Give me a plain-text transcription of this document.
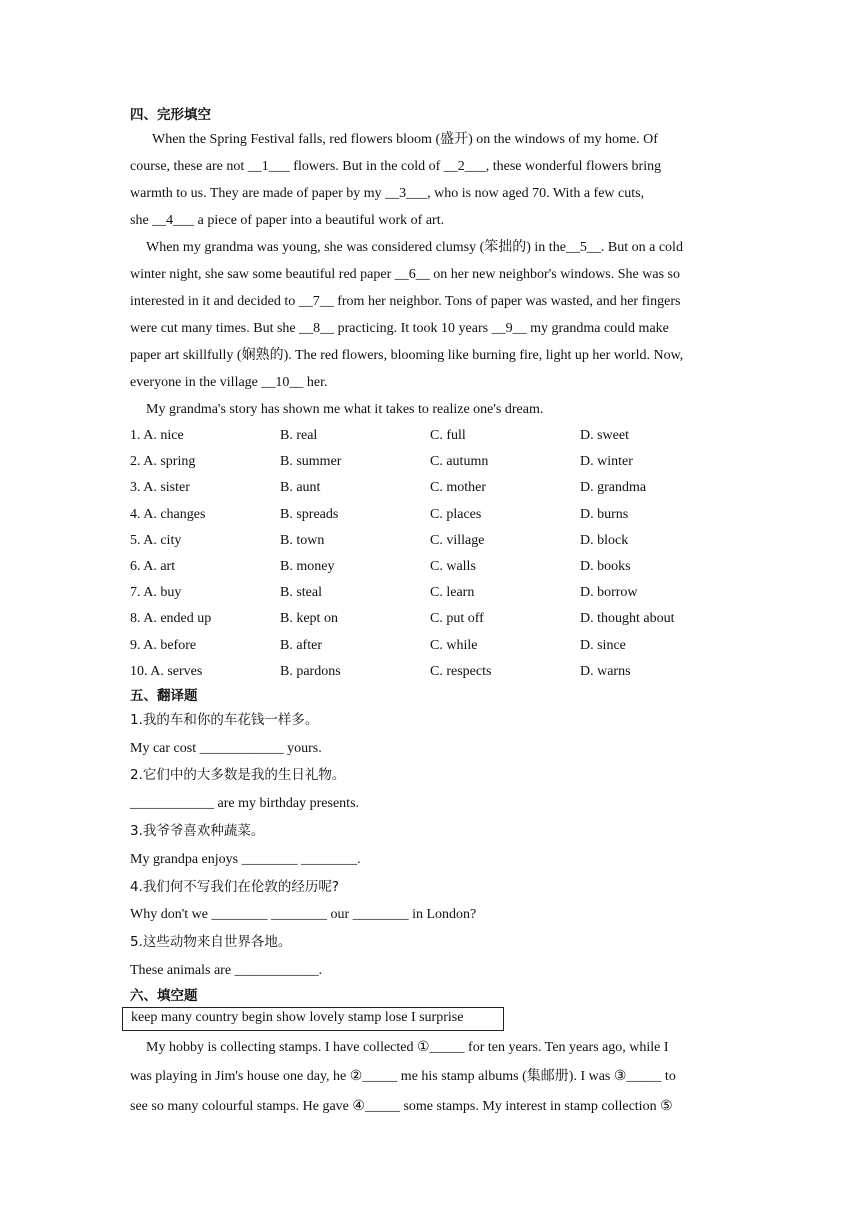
四、完形填空
When the Spring Festival falls, red flowers bloom (盛开) on the windows of my home. Of
course, these are not __1___ flowers. But in the cold of __2___, these wonderful flowers bring
warmth to us. They are made of paper by my __3___, who is now aged 70. With a few cuts,
she __4___ a piece of paper into a beautiful work of art.
When my grandma was young, she was considered clumsy (笨拙的) in the__5__. But on a cold
winter night, she saw some beautiful red paper __6__ on her new neighbor's windows. She was so
interested in it and decided to __7__ from her neighbor. Tons of paper was wasted, and her fingers
were cut many times. But she __8__ practicing. It took 10 years __9__ my grandma could make
paper art skillfully (娴熟的). The red flowers, blooming like burning fire, light up her world. Now,
everyone in the village __10__ her.
My grandma's story has shown me what it takes to realize one's dream.
1. A. nice	B. real	C. full	D. sweet
2. A. spring	B. summer	C. autumn	D. winter
3. A. sister	B. aunt	C. mother	D. grandma
4. A. changes	B. spreads	C. places	D. burns
5. A. city	B. town	C. village	D. block
6. A. art	B. money	C. walls	D. books
7. A. buy	B. steal	C. learn	D. borrow
8. A. ended up	B. kept on	C. put off	D. thought about
9. A. before	B. after	C. while	D. since
10. A. serves	B. pardons	C. respects	D. warns
五、翻译题
1.我的车和你的车花钱一样多。
My car cost ____________ yours.
2.它们中的大多数是我的生日礼物。
____________ are my birthday presents.
3.我爷爷喜欢种蔬菜。
My grandpa enjoys ________ ________.
4.我们何不写我们在伦敦的经历呢?
Why don't we ________ ________ our ________ in London?
5.这些动物来自世界各地。
These animals are ____________.
六、填空题
keep many country begin show lovely stamp lose I surprise
My hobby is collecting stamps. I have collected ①_____ for ten years. Ten years ago, while I
was playing in Jim's house one day, he ②_____ me his stamp albums (集邮册). I was ③_____ to
see so many colourful stamps. He gave ④_____ some stamps. My interest in stamp collection ⑤
